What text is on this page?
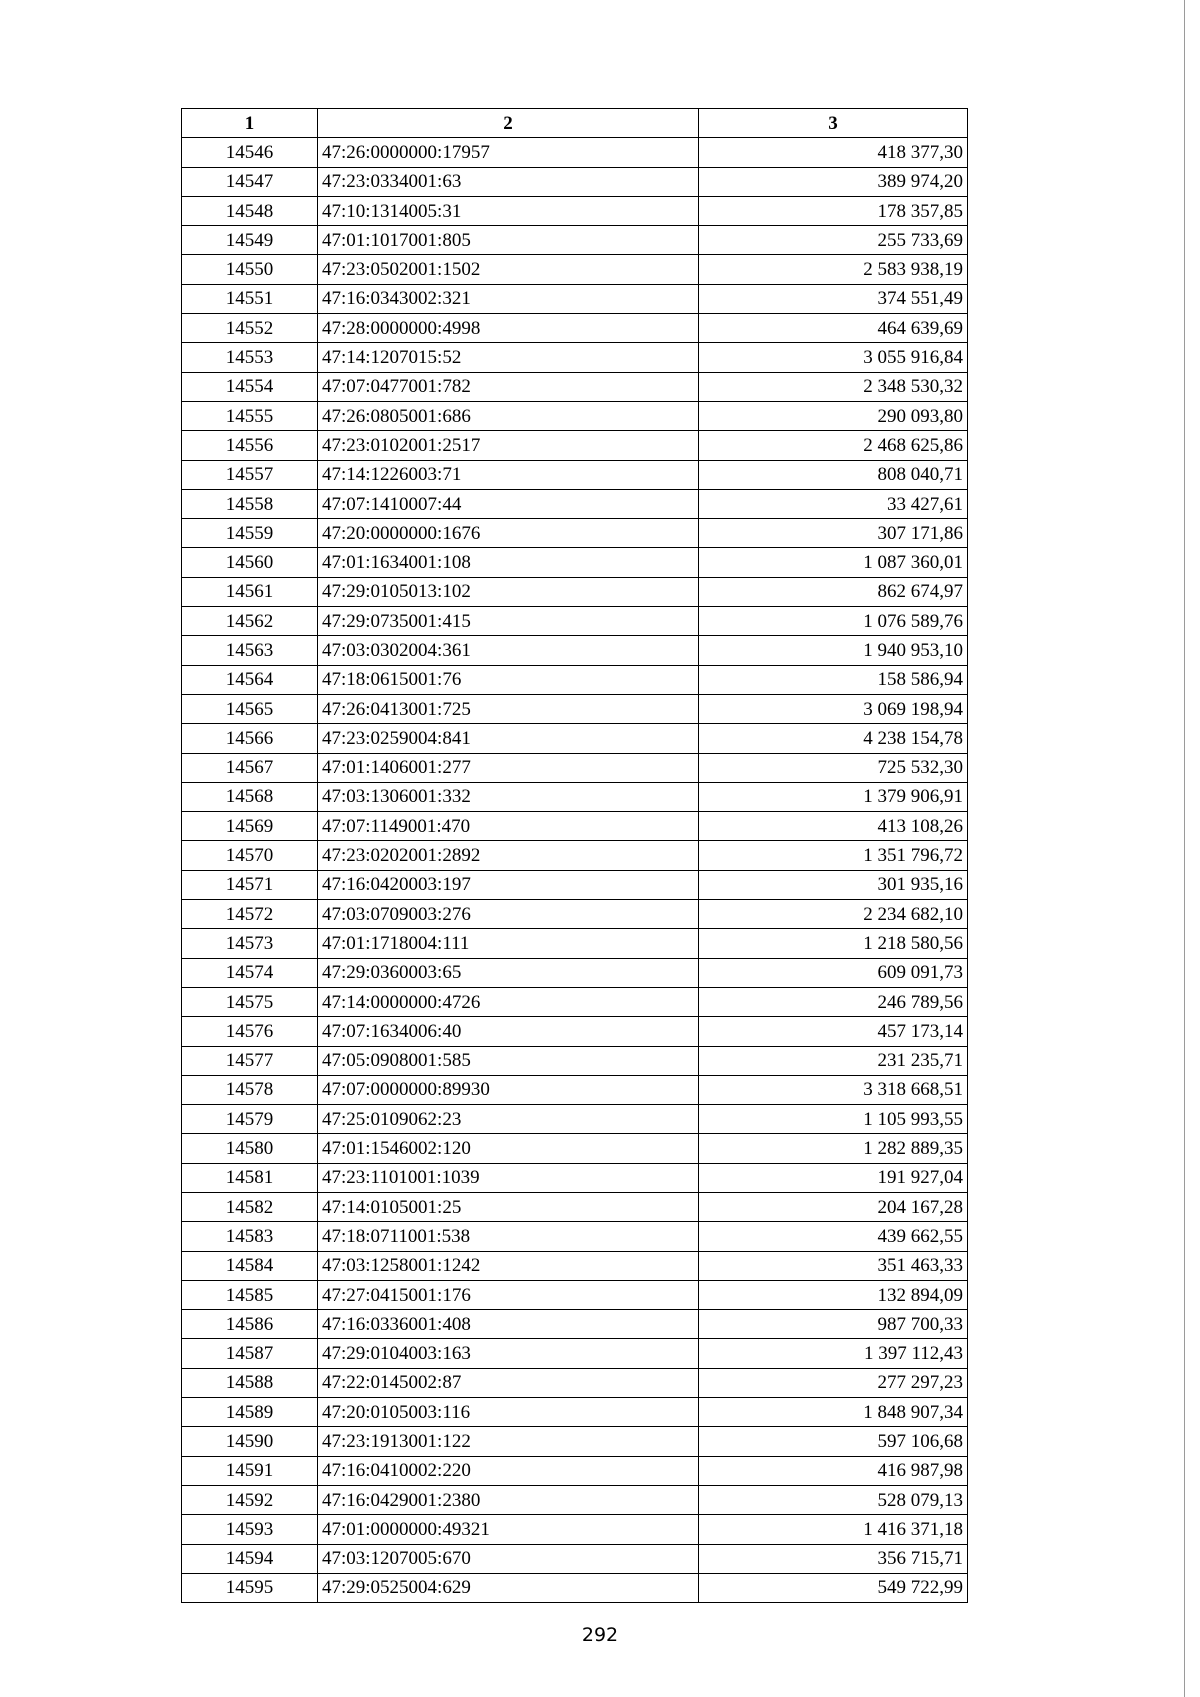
1	2	3
14546	47:26:0000000:17957	418 377,30
14547	47:23:0334001:63	389 974,20
14548	47:10:1314005:31	178 357,85
14549	47:01:1017001:805	255 733,69
14550	47:23:0502001:1502	2 583 938,19
14551	47:16:0343002:321	374 551,49
14552	47:28:0000000:4998	464 639,69
14553	47:14:1207015:52	3 055 916,84
14554	47:07:0477001:782	2 348 530,32
14555	47:26:0805001:686	290 093,80
14556	47:23:0102001:2517	2 468 625,86
14557	47:14:1226003:71	808 040,71
14558	47:07:1410007:44	33 427,61
14559	47:20:0000000:1676	307 171,86
14560	47:01:1634001:108	1 087 360,01
14561	47:29:0105013:102	862 674,97
14562	47:29:0735001:415	1 076 589,76
14563	47:03:0302004:361	1 940 953,10
14564	47:18:0615001:76	158 586,94
14565	47:26:0413001:725	3 069 198,94
14566	47:23:0259004:841	4 238 154,78
14567	47:01:1406001:277	725 532,30
14568	47:03:1306001:332	1 379 906,91
14569	47:07:1149001:470	413 108,26
14570	47:23:0202001:2892	1 351 796,72
14571	47:16:0420003:197	301 935,16
14572	47:03:0709003:276	2 234 682,10
14573	47:01:1718004:111	1 218 580,56
14574	47:29:0360003:65	609 091,73
14575	47:14:0000000:4726	246 789,56
14576	47:07:1634006:40	457 173,14
14577	47:05:0908001:585	231 235,71
14578	47:07:0000000:89930	3 318 668,51
14579	47:25:0109062:23	1 105 993,55
14580	47:01:1546002:120	1 282 889,35
14581	47:23:1101001:1039	191 927,04
14582	47:14:0105001:25	204 167,28
14583	47:18:0711001:538	439 662,55
14584	47:03:1258001:1242	351 463,33
14585	47:27:0415001:176	132 894,09
14586	47:16:0336001:408	987 700,33
14587	47:29:0104003:163	1 397 112,43
14588	47:22:0145002:87	277 297,23
14589	47:20:0105003:116	1 848 907,34
14590	47:23:1913001:122	597 106,68
14591	47:16:0410002:220	416 987,98
14592	47:16:0429001:2380	528 079,13
14593	47:01:0000000:49321	1 416 371,18
14594	47:03:1207005:670	356 715,71
14595	47:29:0525004:629	549 722,99
292
